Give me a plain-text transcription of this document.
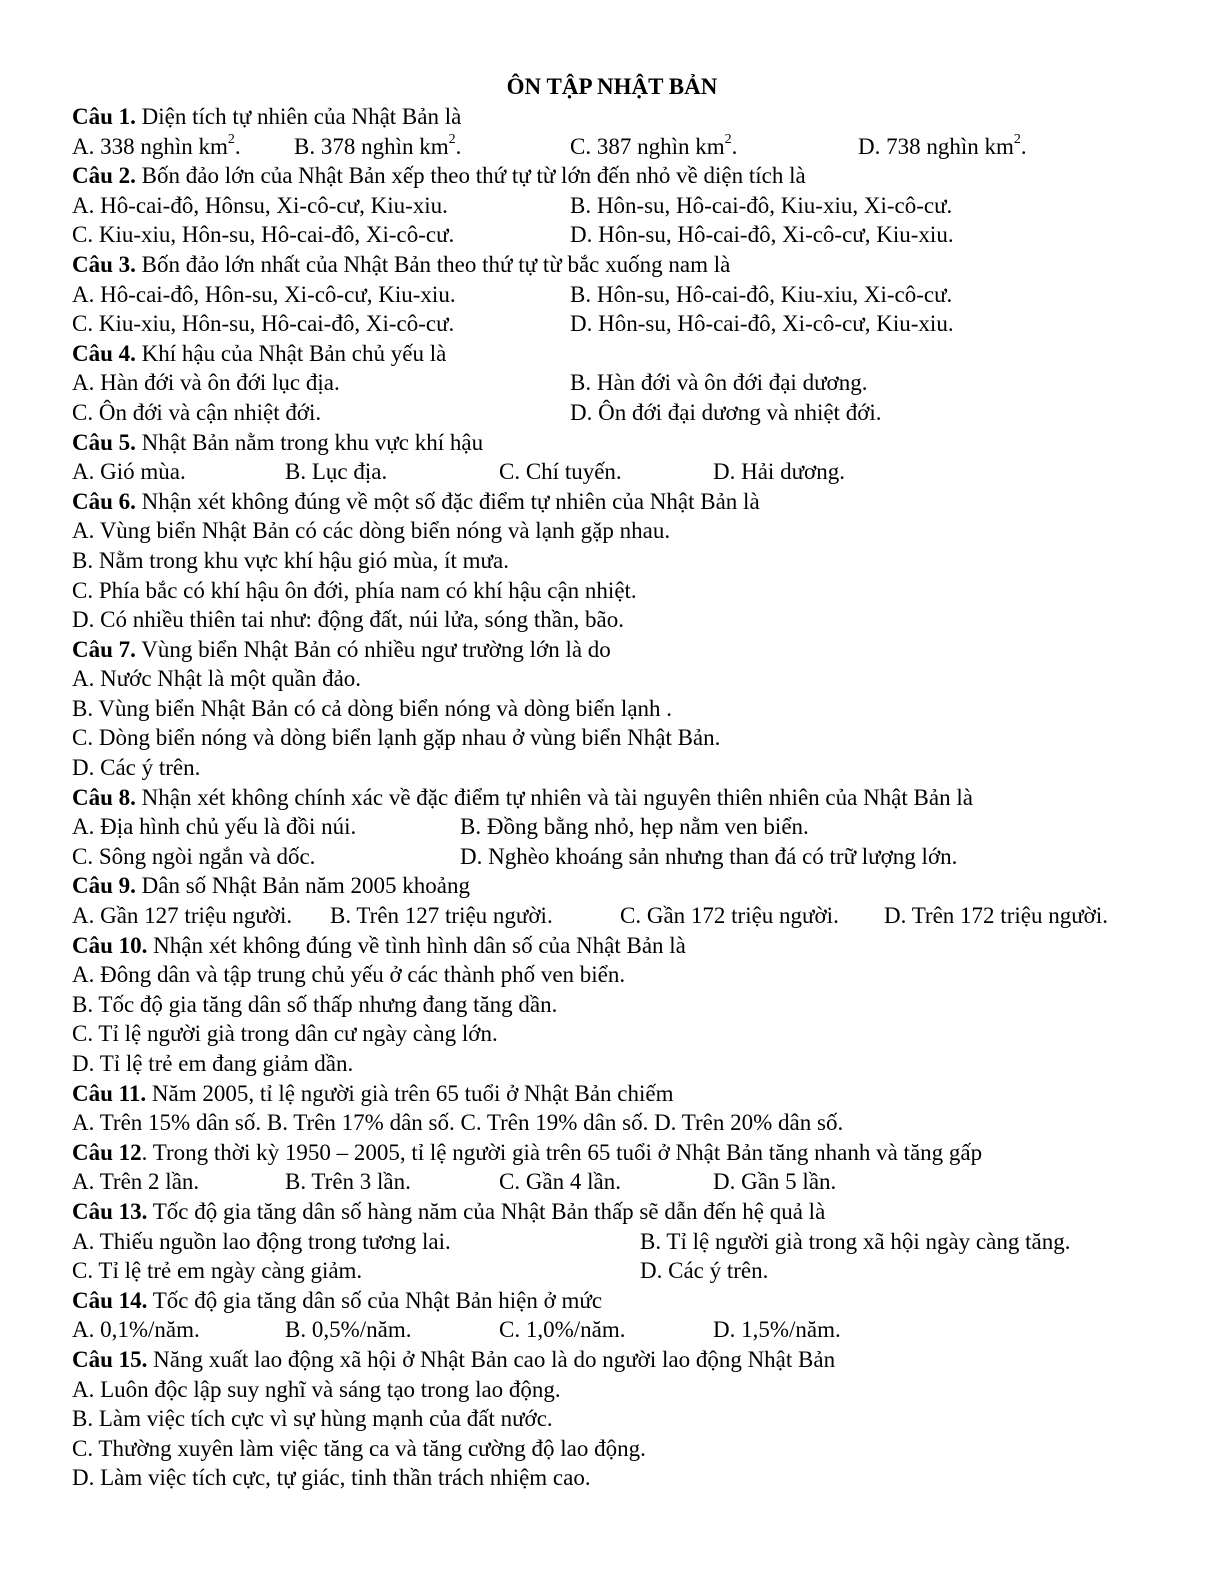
ÔN TẬP NHẬT BẢN
Câu 1. Diện tích tự nhiên của Nhật Bản là
A. 338 nghìn $km^2$. B. 378 nghìn $km^2$.	C. 387 nghìn $km^2$.	D. 738 nghìn $km^2$.
Câu 2. Bốn đảo lớn của Nhật Bản xếp theo thứ tự từ lớn đến nhỏ về diện tích là
A. Hô-cai-đô, Hônsu, Xi-cô-cư, Kiu-xiu.	B. Hôn-su, Hô-cai-đô, Kiu-xiu, Xi-cô-cư.
C. Kiu-xiu, Hôn-su, Hô-cai-đô, Xi-cô-cư.	D. Hôn-su, Hô-cai-đô, Xi-cô-cư, Kiu-xiu.
Câu 3. Bốn đảo lớn nhất của Nhật Bản theo thứ tự từ bắc xuống nam là
A. Hô-cai-đô, Hôn-su, Xi-cô-cư, Kiu-xiu.	B. Hôn-su, Hô-cai-đô, Kiu-xiu, Xi-cô-cư.
C. Kiu-xiu, Hôn-su, Hô-cai-đô, Xi-cô-cư.	D. Hôn-su, Hô-cai-đô, Xi-cô-cư, Kiu-xiu.
Câu 4. Khí hậu của Nhật Bản chủ yếu là
A. Hàn đới và ôn đới lục địa.	B. Hàn đới và ôn đới đại dương.
C. Ôn đới và cận nhiệt đới.	D. Ôn đới đại dương và nhiệt đới.
Câu 5. Nhật Bản nằm trong khu vực khí hậu
A. Gió mùa.	B. Lục địa.	C. Chí tuyến.	D. Hải dương.
Câu 6. Nhận xét không đúng về một số đặc điểm tự nhiên của Nhật Bản là
A. Vùng biển Nhật Bản có các dòng biển nóng và lạnh gặp nhau.
B. Nằm trong khu vực khí hậu gió mùa, ít mưa.
C. Phía bắc có khí hậu ôn đới, phía nam có khí hậu cận nhiệt.
D. Có nhiều thiên tai như: động đất, núi lửa, sóng thần, bão.
Câu 7. Vùng biển Nhật Bản có nhiều ngư trường lớn là do
A. Nước Nhật là một quần đảo.
B. Vùng biển Nhật Bản có cả dòng biển nóng và dòng biển lạnh .
C. Dòng biển nóng và dòng biển lạnh gặp nhau ở vùng biển Nhật Bản.
D. Các ý trên.
Câu 8. Nhận xét không chính xác về đặc điểm tự nhiên và tài nguyên thiên nhiên của Nhật Bản là
A. Địa hình chủ yếu là đồi núi.	B. Đồng bằng nhỏ, hẹp nằm ven biển.
C. Sông ngòi ngắn và dốc.	D. Nghèo khoáng sản nhưng than đá có trữ lượng lớn.
Câu 9. Dân số Nhật Bản năm 2005 khoảng
A. Gần 127 triệu người. B. Trên 127 triệu người.	C. Gần 172 triệu người. D. Trên 172 triệu người.
Câu 10. Nhận xét không đúng về tình hình dân số của Nhật Bản là
A. Đông dân và tập trung chủ yếu ở các thành phố ven biển.
B. Tốc độ gia tăng dân số thấp nhưng đang tăng dần.
C. Tỉ lệ người già trong dân cư ngày càng lớn.
D. Tỉ lệ trẻ em đang giảm dần.
Câu 11. Năm 2005, tỉ lệ người già trên 65 tuổi ở Nhật Bản chiếm
A. Trên 15% dân số. B. Trên 17% dân số. C. Trên 19% dân số. D. Trên 20% dân số.
Câu 12. Trong thời kỳ 1950 – 2005, tỉ lệ người già trên 65 tuổi ở Nhật Bản tăng nhanh và tăng gấp
A. Trên 2 lần.	B. Trên 3 lần.	C. Gần 4 lần.	D. Gần 5 lần.
Câu 13. Tốc độ gia tăng dân số hàng năm của Nhật Bản thấp sẽ dẫn đến hệ quả là
A. Thiếu nguồn lao động trong tương lai.	B. Tỉ lệ người già trong xã hội ngày càng tăng.
C. Tỉ lệ trẻ em ngày càng giảm.	D. Các ý trên.
Câu 14. Tốc độ gia tăng dân số của Nhật Bản hiện ở mức
A. 0,1%/năm.	B. 0,5%/năm.	C. 1,0%/năm.	D. 1,5%/năm.
Câu 15. Năng xuất lao động xã hội ở Nhật Bản cao là do người lao động Nhật Bản
A. Luôn độc lập suy nghĩ và sáng tạo trong lao động.
B. Làm việc tích cực vì sự hùng mạnh của đất nước.
C. Thường xuyên làm việc tăng ca và tăng cường độ lao động.
D. Làm việc tích cực, tự giác, tinh thần trách nhiệm cao.
